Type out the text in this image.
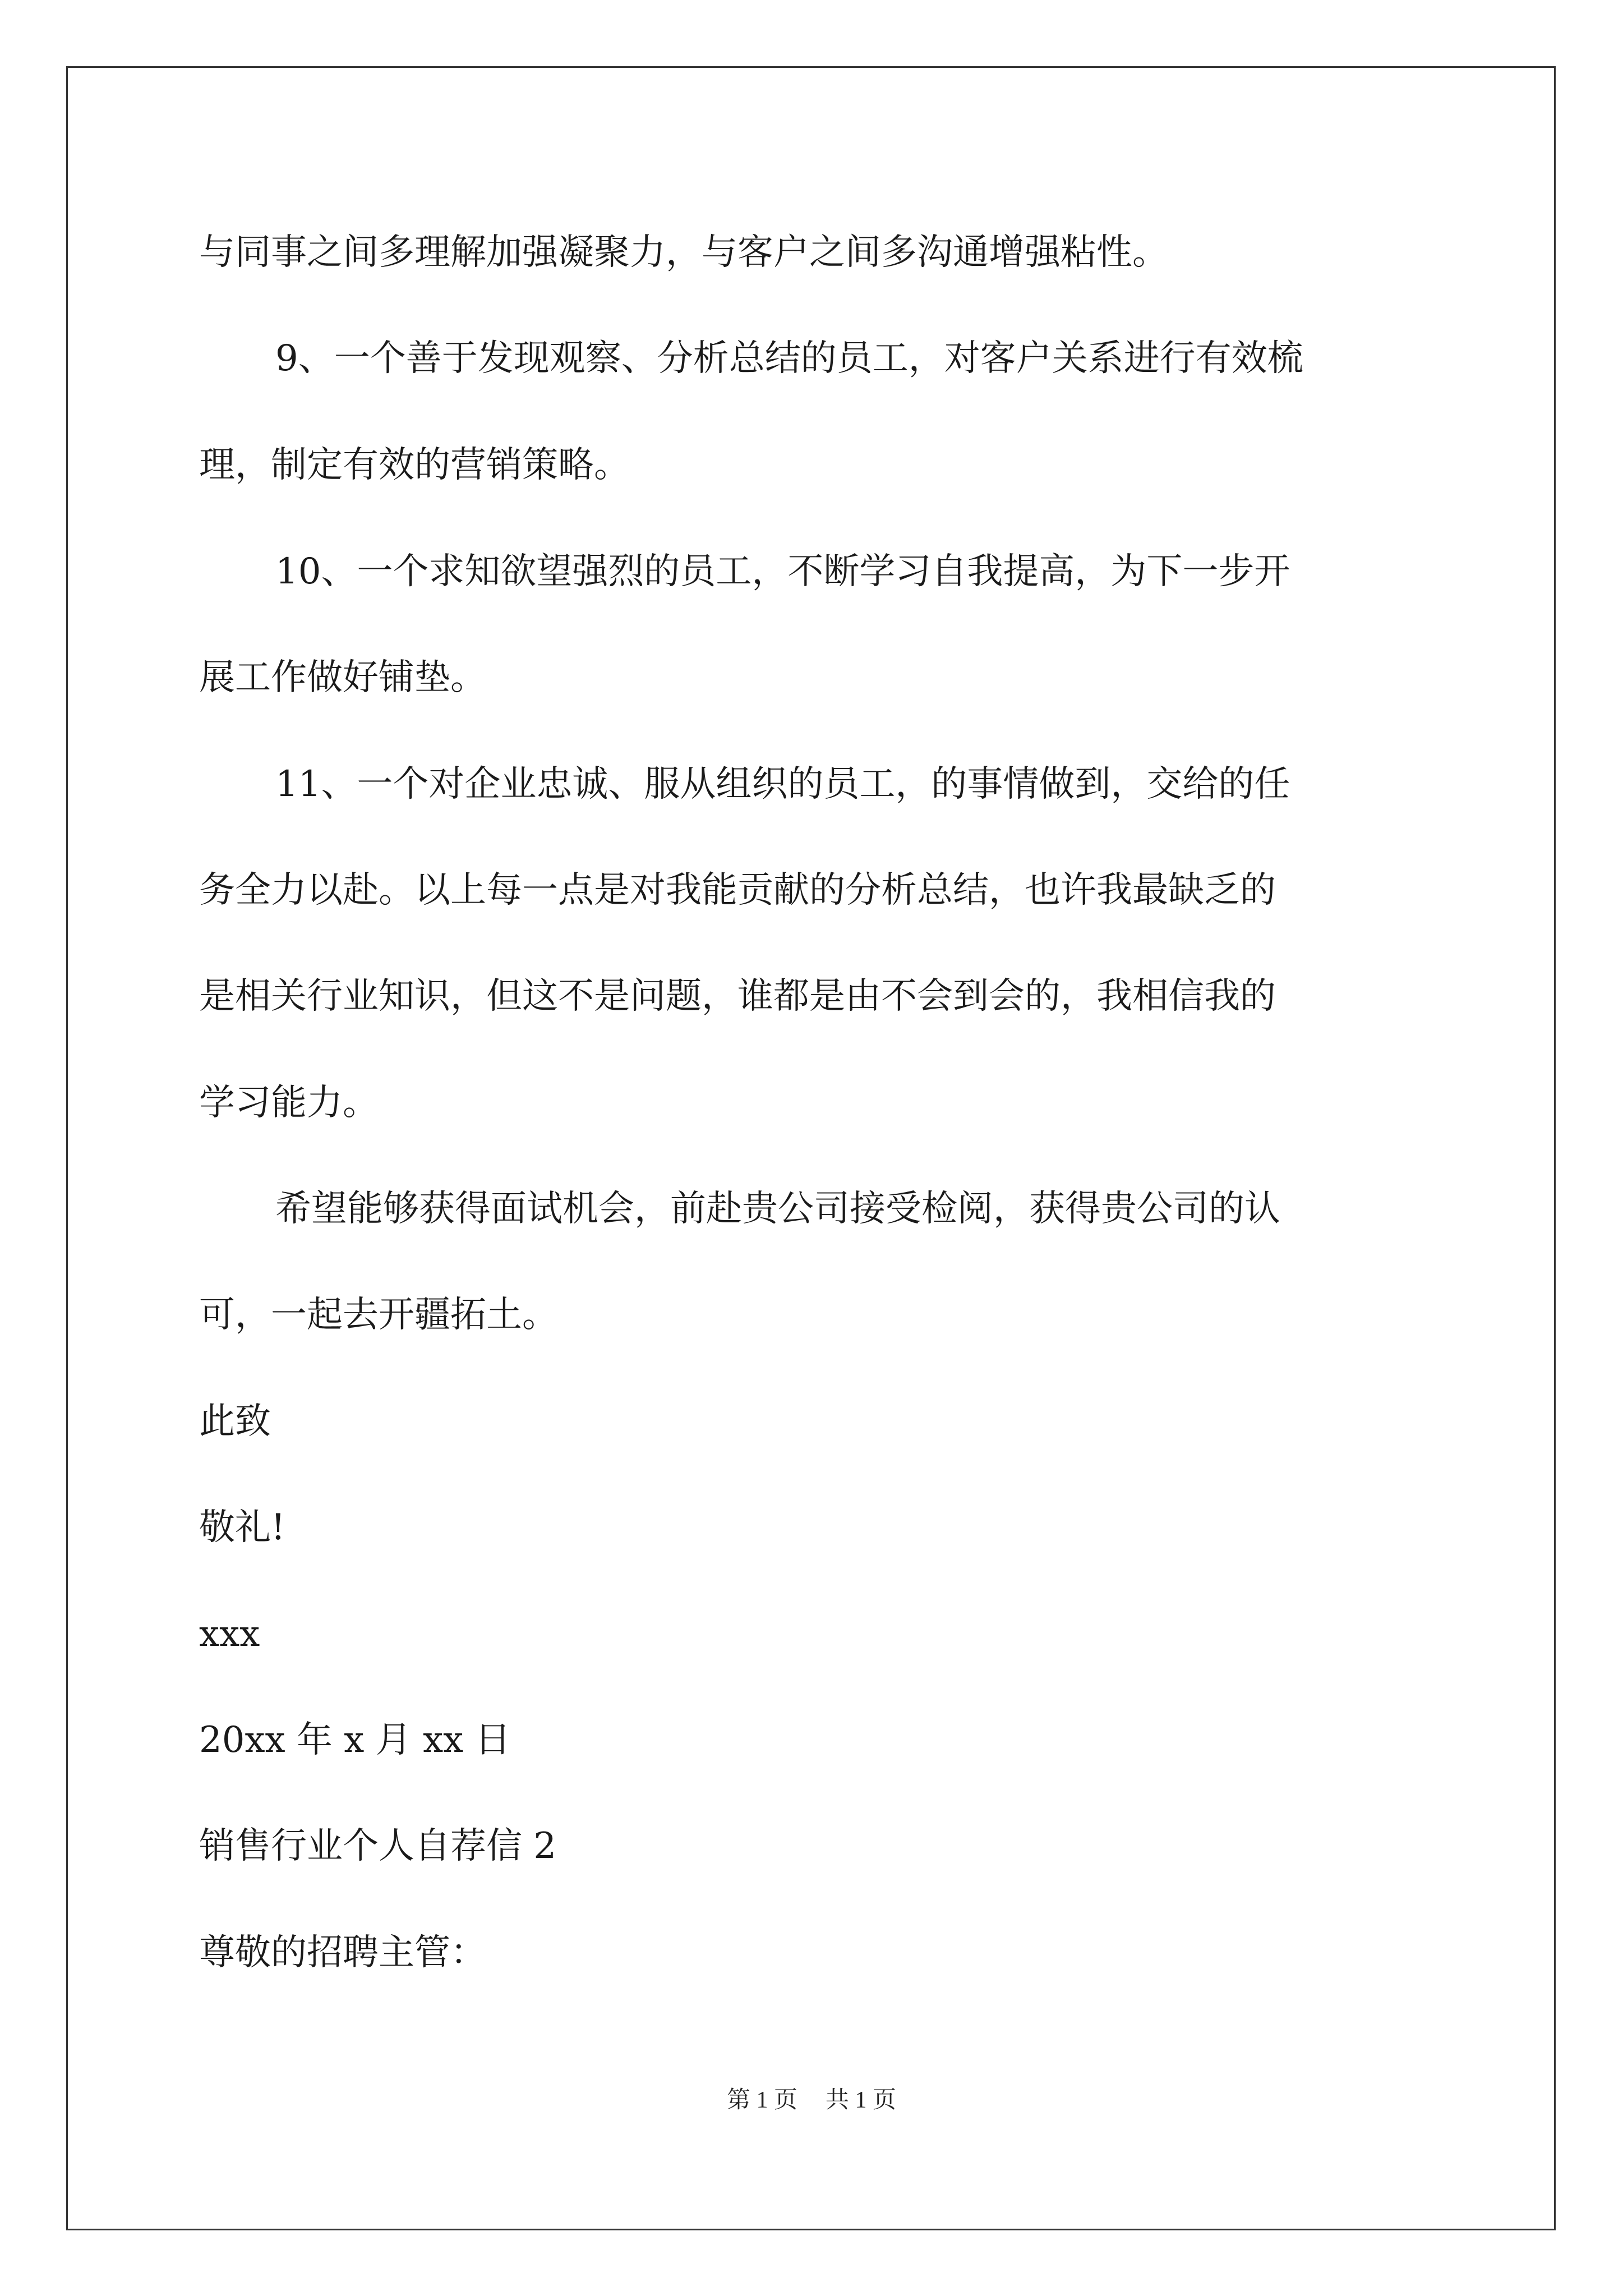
与同事之间多理解加强凝聚力，与客户之间多沟通增强粘性。
9、一个善于发现观察、分析总结的员工，对客户关系进行有效梳
理，制定有效的营销策略。
10、一个求知欲望强烈的员工，不断学习自我提高，为下一步开
展工作做好铺垫。
11、一个对企业忠诚、服从组织的员工，的事情做到，交给的任
务全力以赴。以上每一点是对我能贡献的分析总结，也许我最缺乏的
是相关行业知识，但这不是问题，谁都是由不会到会的，我相信我的
学习能力。
希望能够获得面试机会，前赴贵公司接受检阅，获得贵公司的认
可，一起去开疆拓土。
此致
敬礼!
xxx
20xx 年 x 月 xx 日
销售行业个人自荐信 2
尊敬的招聘主管：
第 1 页 共 1 页
